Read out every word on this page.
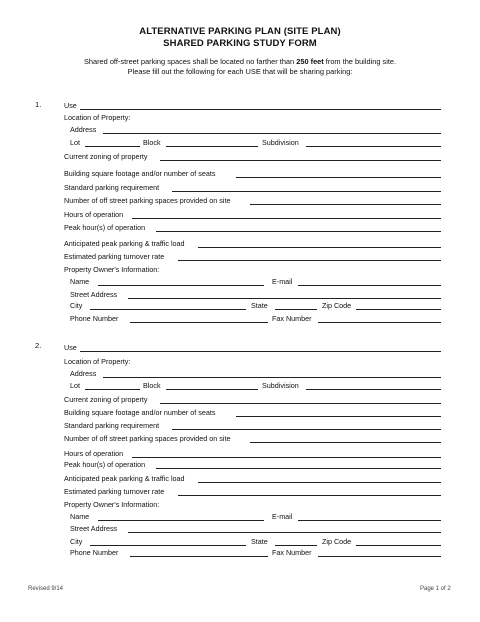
ALTERNATIVE PARKING PLAN (SITE PLAN)
SHARED PARKING STUDY FORM
Shared off-street parking spaces shall be located no farther than 250 feet from the building site.
Please fill out the following for each USE that will be sharing parking:
1.	Use
Location of Property:
Address
Lot	Block	Subdivision
Current zoning of property
Building square footage and/or number of seats
Standard parking requirement
Number of off street parking spaces provided on site
Hours of operation
Peak hour(s) of operation
Anticipated peak parking & traffic load
Estimated parking turnover rate
Property Owner's Information:
Name	E-mail
Street Address
City	State	Zip Code
Phone Number	Fax Number
2.	Use
Location of Property:
Address
Lot	Block	Subdivision
Current zoning of property
Building square footage and/or number of seats
Standard parking requirement
Number of off street parking spaces provided on site
Hours of operation
Peak hour(s) of operation
Anticipated peak parking & traffic load
Estimated parking turnover rate
Property Owner's Information:
Name	E-mail
Street Address
City	State	Zip Code
Phone Number	Fax Number
Revised 9/14	Page 1 of 2
